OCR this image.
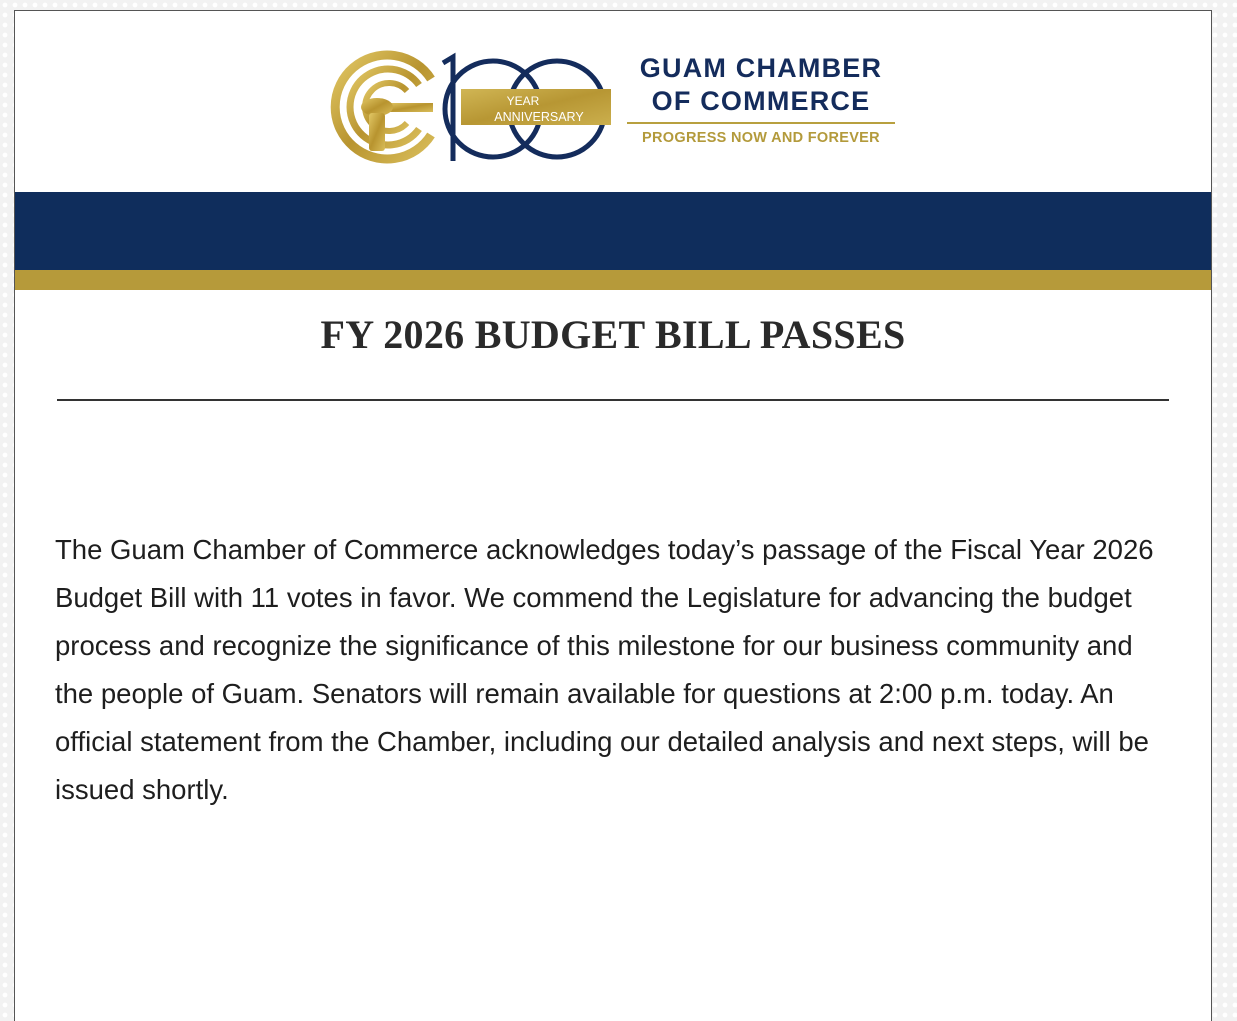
YEAR
ANNIVERSARY
GUAM CHAMBER
OF COMMERCE
PROGRESS NOW AND FOREVER
FY 2026 BUDGET BILL PASSES

The Guam Chamber of Commerce acknowledges today’s passage of the Fiscal Year 2026 Budget Bill with 11 votes in favor. We commend the Legislature for advancing the budget process and recognize the significance of this milestone for our business community and the people of Guam. Senators will remain available for questions at 2:00 p.m. today. An official statement from the Chamber, including our detailed analysis and next steps, will be issued shortly.
